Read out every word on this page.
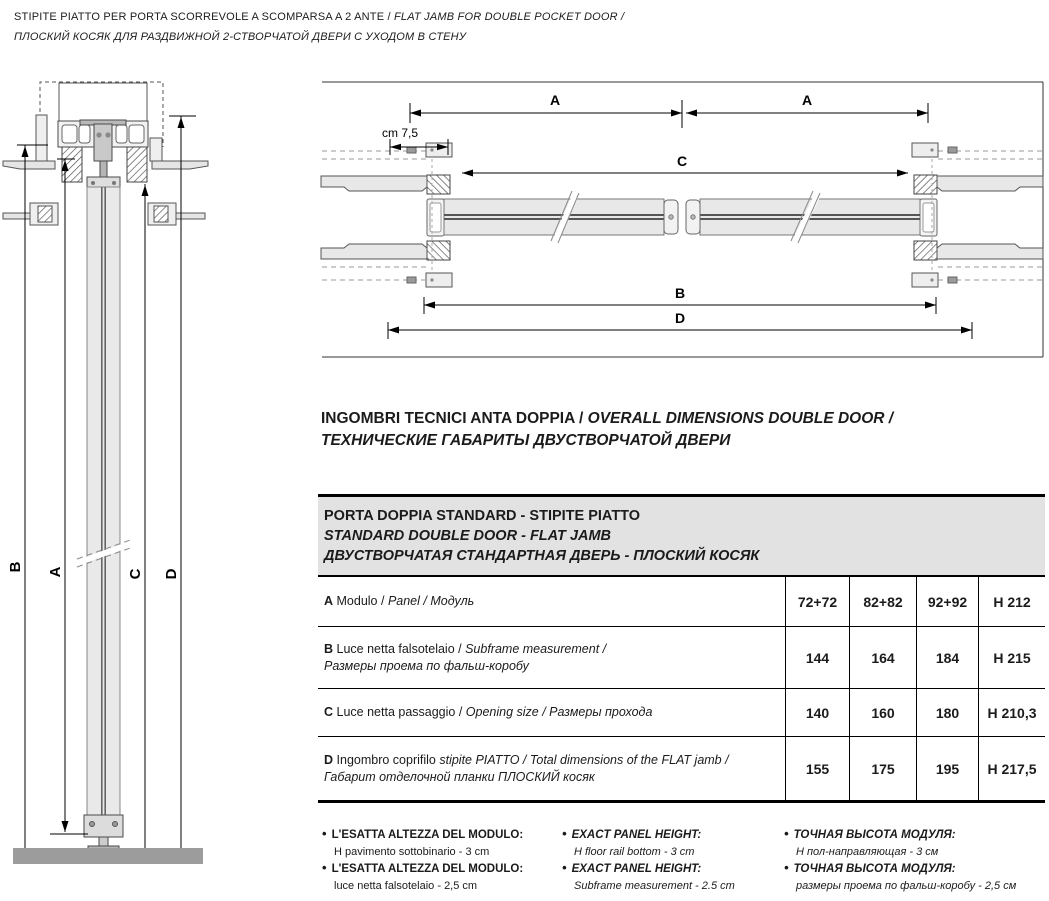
STIPITE PIATTO PER PORTA SCORREVOLE A SCOMPARSA A 2 ANTE / FLAT JAMB FOR DOUBLE POCKET DOOR /
ПЛОСКИЙ КОСЯК ДЛЯ РАЗДВИЖНОЙ 2-СТВОРЧАТОЙ ДВЕРИ С УХОДОМ В СТЕНУ
B A	C D
A	A
cm 7,5
C
B
D
INGOMBRI TECNICI ANTA DOPPIA / OVERALL DIMENSIONS DOUBLE DOOR /
ТЕХНИЧЕСКИЕ ГАБАРИТЫ ДВУСТВОРЧАТОЙ ДВЕРИ
PORTA DOPPIA STANDARD - STIPITE PIATTO
STANDARD DOUBLE DOOR - FLAT JAMB
ДВУСТВОРЧАТАЯ СТАНДАРТНАЯ ДВЕРЬ - ПЛОСКИЙ КОСЯК
A Modulo / Panel / Модуль	72+72	82+82	92+92	H 212
B Luce netta falsotelaio / Subframe measurement /
Размеры проема по фальш-коробу	144	164	184	H 215
C Luce netta passaggio / Opening size / Размеры прохода	140	160	180	H 210,3
D Ingombro coprifilo stipite PIATTO / Total dimensions of the FLAT jamb /
Габарит отделочной планки ПЛОСКИЙ косяк	155	175	195	H 217,5
• L'ESATTA ALTEZZA DEL MODULO:
H pavimento sottobinario - 3 cm
• L'ESATTA ALTEZZA DEL MODULO:
luce netta falsotelaio - 2,5 cm
• EXACT PANEL HEIGHT:
H floor rail bottom - 3 cm
• EXACT PANEL HEIGHT:
Subframe measurement - 2.5 cm
• ТОЧНАЯ ВЫСОТА МОДУЛЯ:
Н пол-направляющая - 3 см
• ТОЧНАЯ ВЫСОТА МОДУЛЯ:
размеры проема по фальш-коробу - 2,5 см
